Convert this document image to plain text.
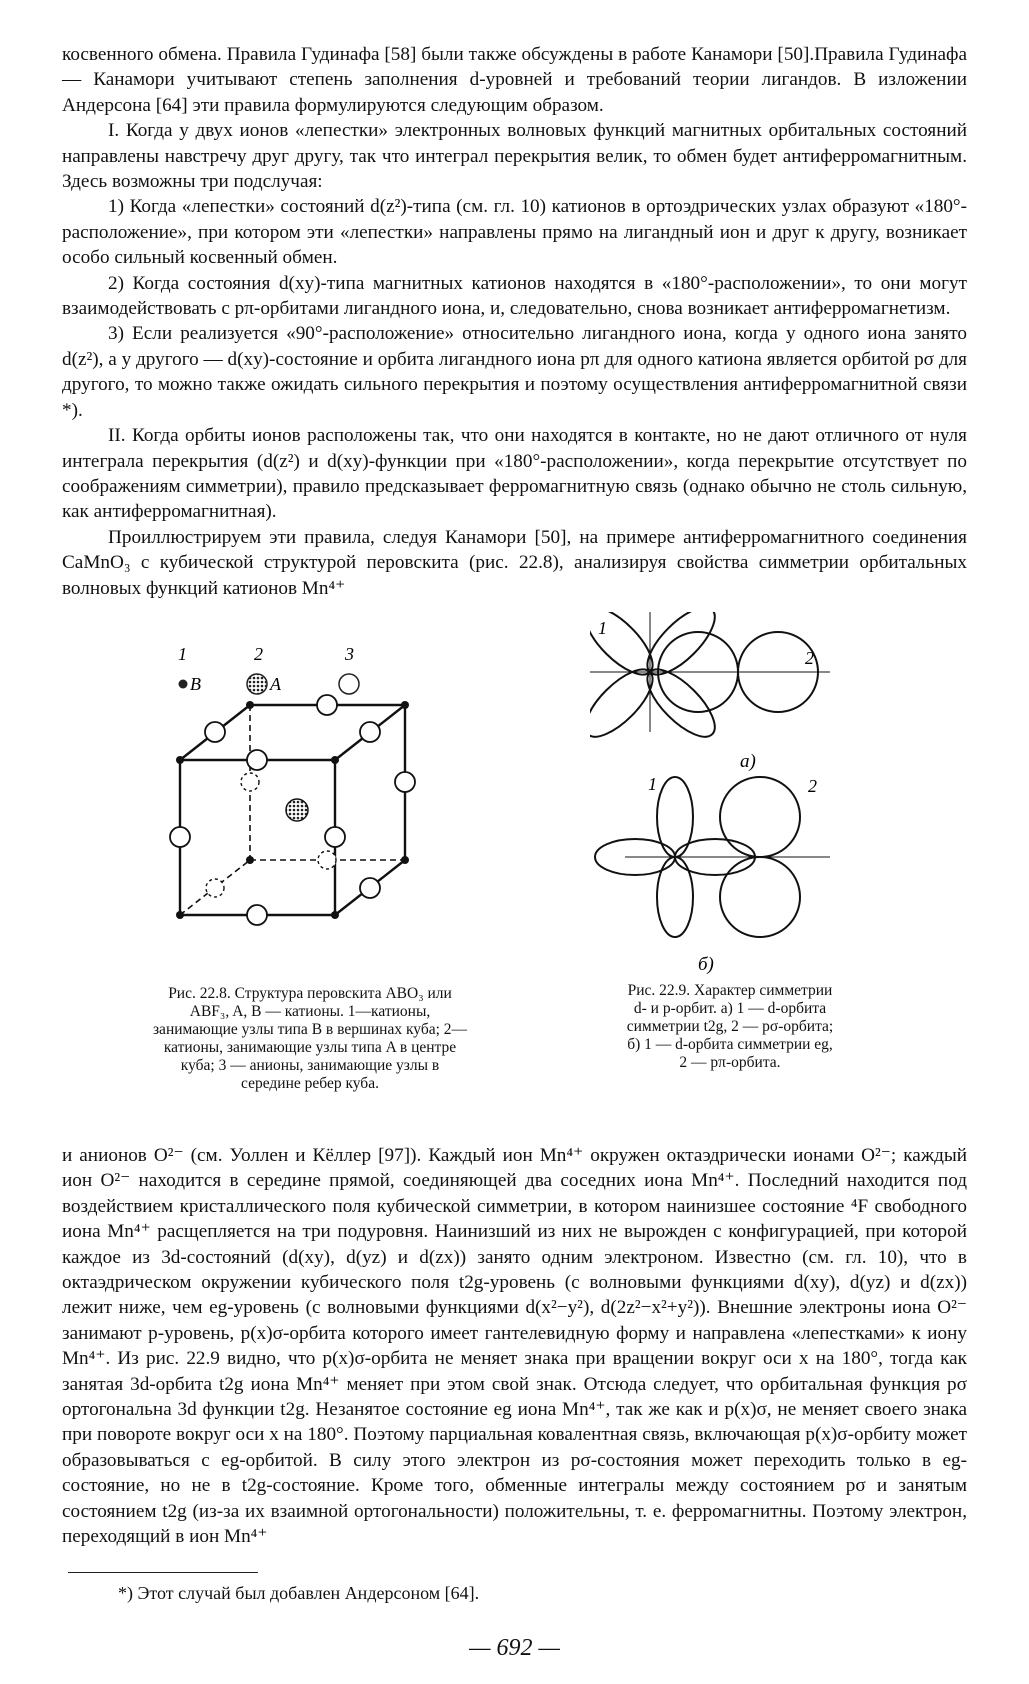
косвенного обмена. Правила Гудинафа [58] были также обсуждены в работе Канамори [50].Правила Гудинафа — Канамори учитывают степень заполнения d-уровней и требований теории лигандов. В изложении Андерсона [64] эти правила формулируются следующим образом.

I. Когда у двух ионов «лепестки» электронных волновых функций магнитных орбитальных состояний направлены навстречу друг другу, так что интеграл перекрытия велик, то обмен будет антиферромагнитным. Здесь возможны три подслучая:

1) Когда «лепестки» состояний d(z²)-типа (см. гл. 10) катионов в ортоэдрических узлах образуют «180°-расположение», при котором эти «лепестки» направлены прямо на лигандный ион и друг к другу, возникает особо сильный косвенный обмен.

2) Когда состояния d(xy)-типа магнитных катионов находятся в «180°-расположении», то они могут взаимодействовать с pπ-орбитами лигандного иона, и, следовательно, снова возникает антиферромагнетизм.

3) Если реализуется «90°-расположение» относительно лигандного иона, когда у одного иона занято d(z²), а у другого — d(xy)-состояние и орбита лигандного иона pπ для одного катиона является орбитой pσ для другого, то можно также ожидать сильного перекрытия и поэтому осуществления антиферромагнитной связи *).

II. Когда орбиты ионов расположены так, что они находятся в контакте, но не дают отличного от нуля интеграла перекрытия (d(z²) и d(xy)-функции при «180°-расположении», когда перекрытие отсутствует по соображениям симметрии), правило предсказывает ферромагнитную связь (однако обычно не столь сильную, как антиферромагнитная).

Проиллюстрируем эти правила, следуя Канамори [50], на примере антиферромагнитного соединения CaMnO₃ с кубической структурой перовскита (рис. 22.8), анализируя свойства симметрии орбитальных волновых функций катионов Mn⁴⁺

1
B
2
A
3
Рис. 22.8. Структура перовскита ABO₃ или ABF₃, A, B — катионы. 1—катионы, занимающие узлы типа B в вершинах куба; 2—катионы, занимающие узлы типа A в центре куба; 3 — анионы, занимающие узлы в середине ребер куба.
1
2
а)
1	2
б)
Рис. 22.9. Характер симметрии
d- и p-орбит. а) 1 — d-орбита
симметрии t2g, 2 — pσ-орбита;
б) 1 — d-орбита симметрии eg,
2 — pπ-орбита.

и анионов O²⁻ (см. Уоллен и Кёллер [97]). Каждый ион Mn⁴⁺ окружен октаэдрически ионами O²⁻; каждый ион O²⁻ находится в середине прямой, соединяющей два соседних иона Mn⁴⁺. Последний находится под воздействием кристаллического поля кубической симметрии, в котором наинизшее состояние ⁴F свободного иона Mn⁴⁺ расщепляется на три подуровня. Наинизший из них не вырожден с конфигурацией, при которой каждое из 3d-состояний (d(xy), d(yz) и d(zx)) занято одним электроном. Известно (см. гл. 10), что в октаэдрическом окружении кубического поля t2g-уровень (с волновыми функциями d(xy), d(yz) и d(zx)) лежит ниже, чем eg-уровень (с волновыми функциями d(x²−y²), d(2z²−x²+y²)). Внешние электроны иона O²⁻ занимают p-уровень, p(x)σ-орбита которого имеет гантелевидную форму и направлена «лепестками» к иону Mn⁴⁺. Из рис. 22.9 видно, что p(x)σ-орбита не меняет знака при вращении вокруг оси x на 180°, тогда как занятая 3d-орбита t2g иона Mn⁴⁺ меняет при этом свой знак. Отсюда следует, что орбитальная функция pσ ортогональна 3d функции t2g. Незанятое состояние eg иона Mn⁴⁺, так же как и p(x)σ, не меняет своего знака при повороте вокруг оси x на 180°. Поэтому парциальная ковалентная связь, включающая p(x)σ-орбиту может образовываться с eg-орбитой. В силу этого электрон из pσ-состояния может переходить только в eg-состояние, но не в t2g-состояние. Кроме того, обменные интегралы между состоянием pσ и занятым состоянием t2g (из-за их взаимной ортогональности) положительны, т. е. ферромагнитны. Поэтому электрон, переходящий в ион Mn⁴⁺

*) Этот случай был добавлен Андерсоном [64].
— 692 —
